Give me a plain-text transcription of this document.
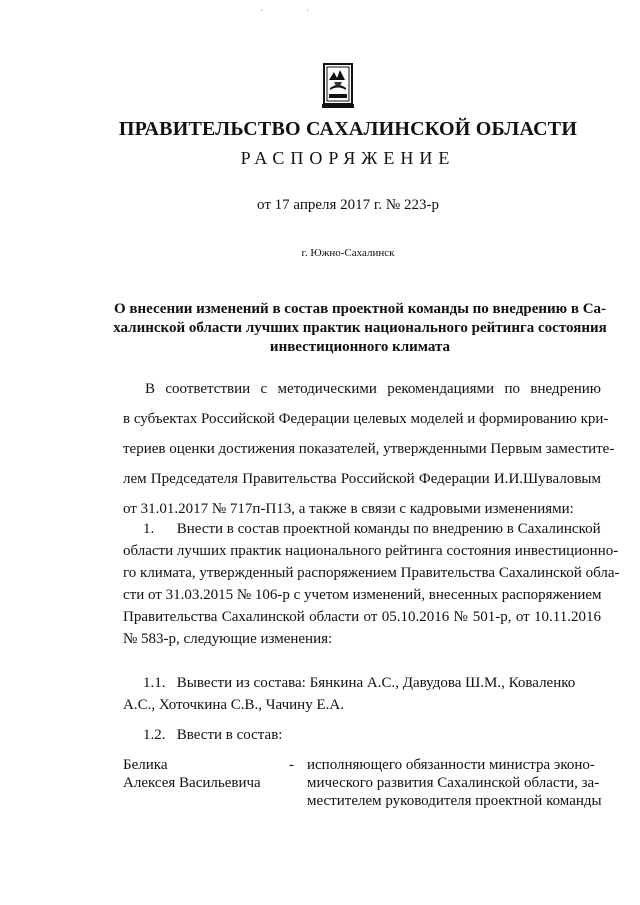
· ·
ПРАВИТЕЛЬСТВО САХАЛИНСКОЙ ОБЛАСТИ
РАСПОРЯЖЕНИЕ
от 17 апреля 2017 г. № 223-р
г. Южно-Сахалинск
О внесении изменений в состав проектной команды по внедрению в Са-
халинской области лучших практик национального рейтинга состояния
инвестиционного климата
В соответствии с методическими рекомендациями по внедрению
в субъектах Российской Федерации целевых моделей и формированию кри-
териев оценки достижения показателей, утвержденными Первым заместите-
лем Председателя Правительства Российской Федерации И.И.Шуваловым
от 31.01.2017 № 717п-П13, а также в связи с кадровыми изменениями:
1.      Внести в состав проектной команды по внедрению в Сахалинской
области лучших практик национального рейтинга состояния инвестиционно-
го климата, утвержденный распоряжением Правительства Сахалинской обла-
сти от 31.03.2015 № 106-р с учетом изменений, внесенных распоряжением
Правительства Сахалинской области от 05.10.2016 № 501-р, от 10.11.2016
№ 583-р, следующие изменения:
1.1.   Вывести из состава: Бянкина А.С., Давудова Ш.М., Коваленко
А.С., Хоточкина С.В., Чачину Е.А.
1.2.   Ввести в состав:
Белика
Алексея Васильевича
- исполняющего обязанности министра эконо-
мического развития Сахалинской области, за-
местителем руководителя проектной команды
